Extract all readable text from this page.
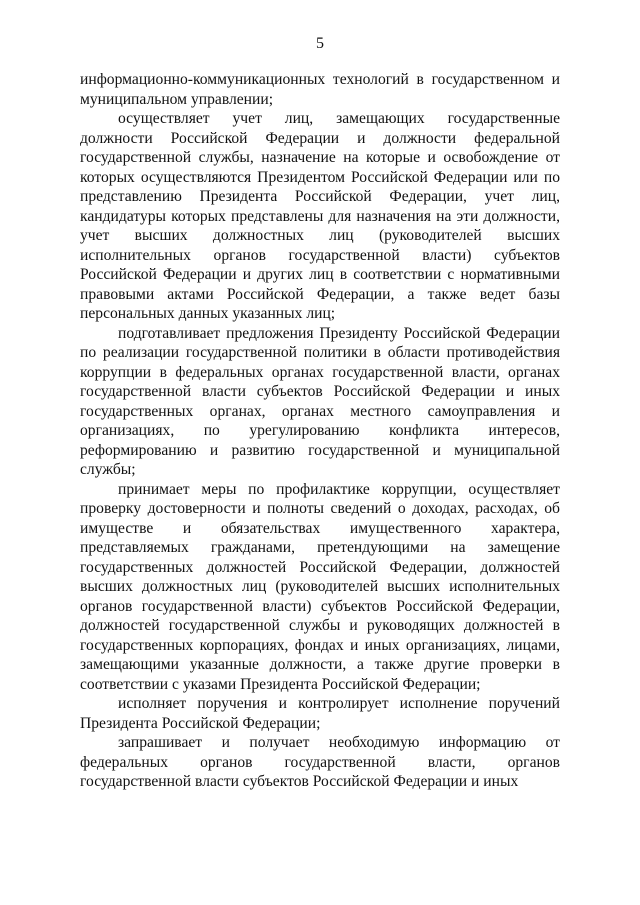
5

информационно-коммуникационных технологий в государственном и муниципальном управлении;

осуществляет учет лиц, замещающих государственные должности Российской Федерации и должности федеральной государственной службы, назначение на которые и освобождение от которых осуществляются Президентом Российской Федерации или по представлению Президента Российской Федерации, учет лиц, кандидатуры которых представлены для назначения на эти должности, учет высших должностных лиц (руководителей высших исполнительных органов государственной власти) субъектов Российской Федерации и других лиц в соответствии с нормативными правовыми актами Российской Федерации, а также ведет базы персональных данных указанных лиц;

подготавливает предложения Президенту Российской Федерации по реализации государственной политики в области противодействия коррупции в федеральных органах государственной власти, органах государственной власти субъектов Российской Федерации и иных государственных органах, органах местного самоуправления и организациях, по урегулированию конфликта интересов, реформированию и развитию государственной и муниципальной службы;

принимает меры по профилактике коррупции, осуществляет проверку достоверности и полноты сведений о доходах, расходах, об имуществе и обязательствах имущественного характера, представляемых гражданами, претендующими на замещение государственных должностей Российской Федерации, должностей высших должностных лиц (руководителей высших исполнительных органов государственной власти) субъектов Российской Федерации, должностей государственной службы и руководящих должностей в государственных корпорациях, фондах и иных организациях, лицами, замещающими указанные должности, а также другие проверки в соответствии с указами Президента Российской Федерации;

исполняет поручения и контролирует исполнение поручений Президента Российской Федерации;

запрашивает и получает необходимую информацию от федеральных органов государственной власти, органов государственной власти субъектов Российской Федерации и иных
